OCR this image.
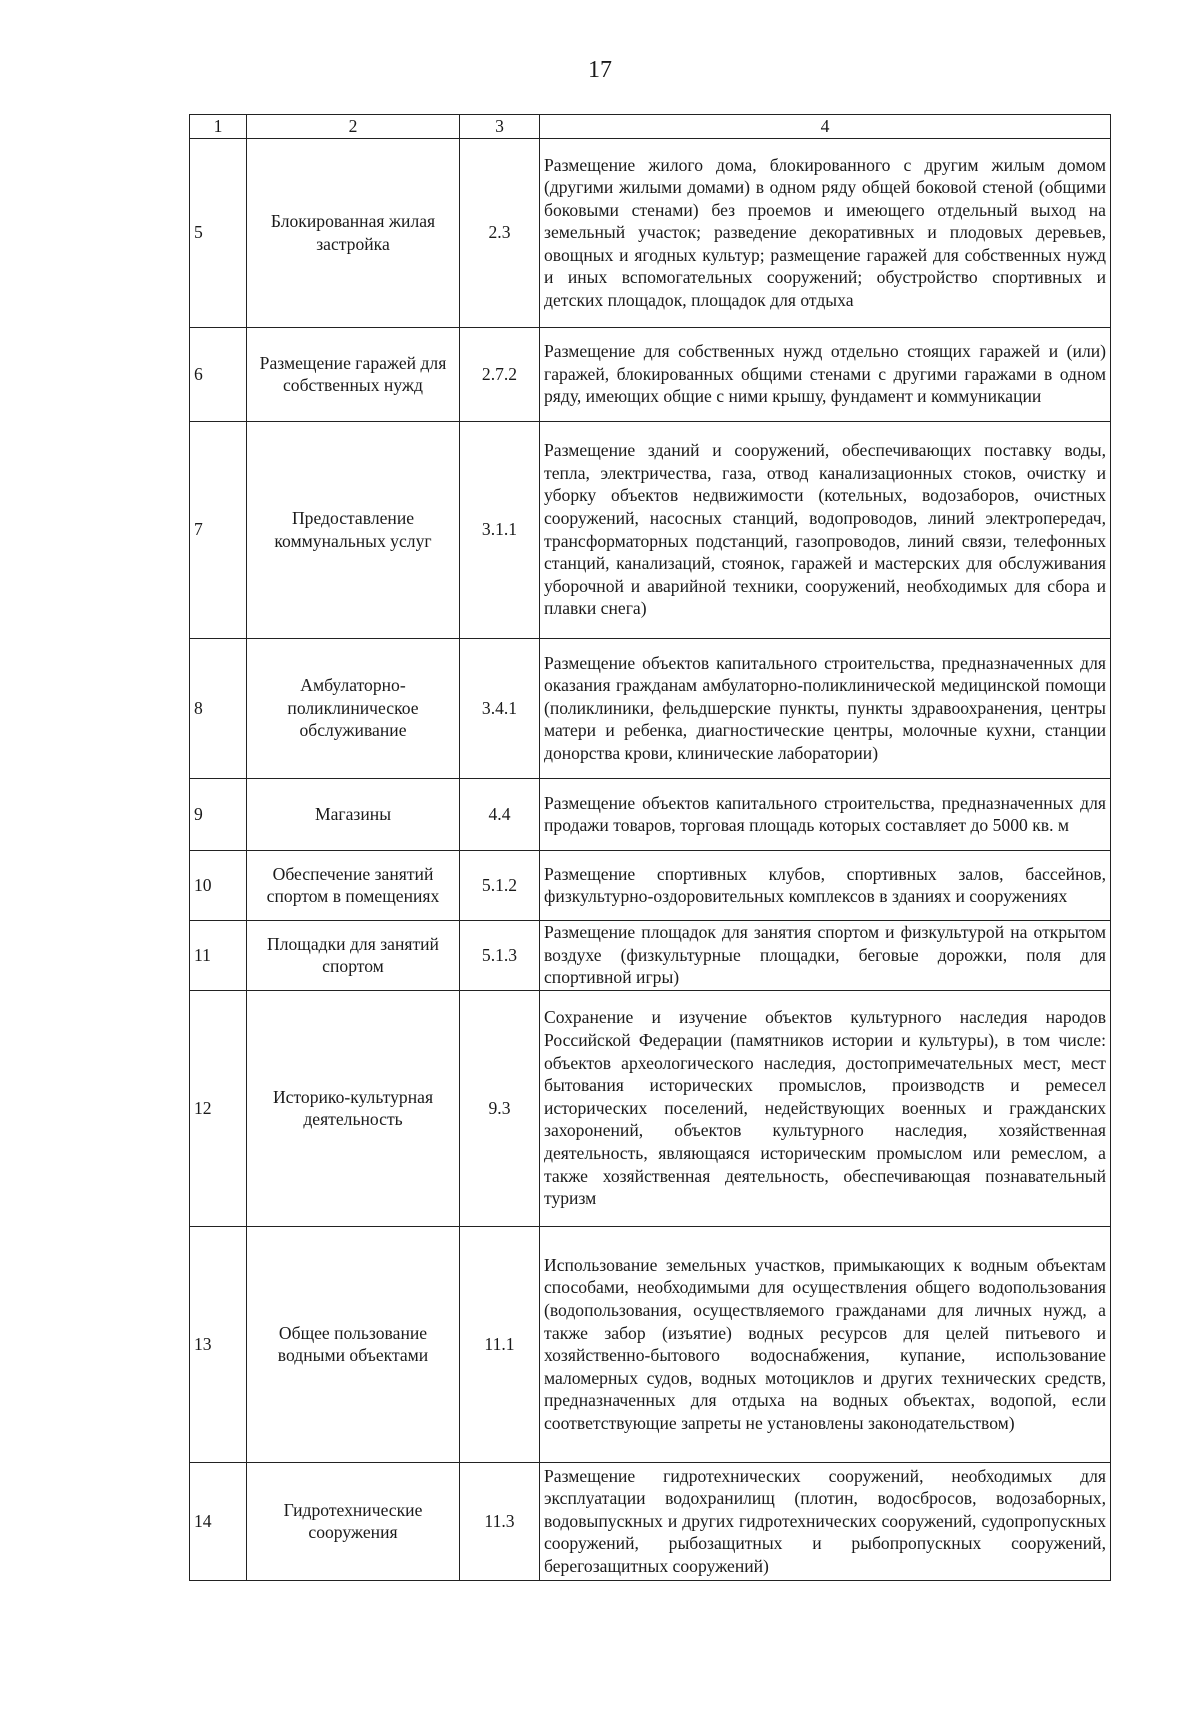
17
1	2	3	4
5	Блокированная жилая застройка	2.3	Размещение жилого дома, блокированного с другим жилым домом (другими жилыми домами) в одном ряду общей боковой стеной (общими боковыми стенами) без проемов и имеющего отдельный выход на земельный участок; разведение декоративных и плодовых деревьев, овощных и ягодных культур; размещение гаражей для собственных нужд и иных вспомогательных сооружений; обустройство спортивных и детских площадок, площадок для отдыха
6	Размещение гаражей для собственных нужд	2.7.2	Размещение для собственных нужд отдельно стоящих гаражей и (или) гаражей, блокированных общими стенами с другими гаражами в одном ряду, имеющих общие с ними крышу, фундамент и коммуникации
7	Предоставление коммунальных услуг	3.1.1	Размещение зданий и сооружений, обеспечивающих поставку воды, тепла, электричества, газа, отвод канализационных стоков, очистку и уборку объектов недвижимости (котельных, водозаборов, очистных сооружений, насосных станций, водопроводов, линий электропередач, трансформаторных подстанций, газопроводов, линий связи, телефонных станций, канализаций, стоянок, гаражей и мастерских для обслуживания уборочной и аварийной техники, сооружений, необходимых для сбора и плавки снега)
8	Амбулаторно-поликлиническое обслуживание	3.4.1	Размещение объектов капитального строительства, предназначенных для оказания гражданам амбулаторно-поликлинической медицинской помощи (поликлиники, фельдшерские пункты, пункты здравоохранения, центры матери и ребенка, диагностические центры, молочные кухни, станции донорства крови, клинические лаборатории)
9	Магазины	4.4	Размещение объектов капитального строительства, предназначенных для продажи товаров, торговая площадь которых составляет до 5000 кв. м
10	Обеспечение занятий спортом в помещениях	5.1.2	Размещение спортивных клубов, спортивных залов, бассейнов, физкультурно-оздоровительных комплексов в зданиях и сооружениях
11	Площадки для занятий спортом	5.1.3	Размещение площадок для занятия спортом и физкультурой на открытом воздухе (физкультурные площадки, беговые дорожки, поля для спортивной игры)
12	Историко-культурная деятельность	9.3	Сохранение и изучение объектов культурного наследия народов Российской Федерации (памятников истории и культуры), в том числе: объектов археологического наследия, достопримечательных мест, мест бытования исторических промыслов, производств и ремесел исторических поселений, недействующих военных и гражданских захоронений, объектов культурного наследия, хозяйственная деятельность, являющаяся историческим промыслом или ремеслом, а также хозяйственная деятельность, обеспечивающая познавательный туризм
13	Общее пользование водными объектами	11.1	Использование земельных участков, примыкающих к водным объектам способами, необходимыми для осуществления общего водопользования (водопользования, осуществляемого гражданами для личных нужд, а также забор (изъятие) водных ресурсов для целей питьевого и хозяйственно-бытового водоснабжения, купание, использование маломерных судов, водных мотоциклов и других технических средств, предназначенных для отдыха на водных объектах, водопой, если соответствующие запреты не установлены законодательством)
14	Гидротехнические сооружения	11.3	Размещение гидротехнических сооружений, необходимых для эксплуатации водохранилищ (плотин, водосбросов, водозаборных, водовыпускных и других гидротехнических сооружений, судопропускных сооружений, рыбозащитных и рыбопропускных сооружений, берегозащитных сооружений)
